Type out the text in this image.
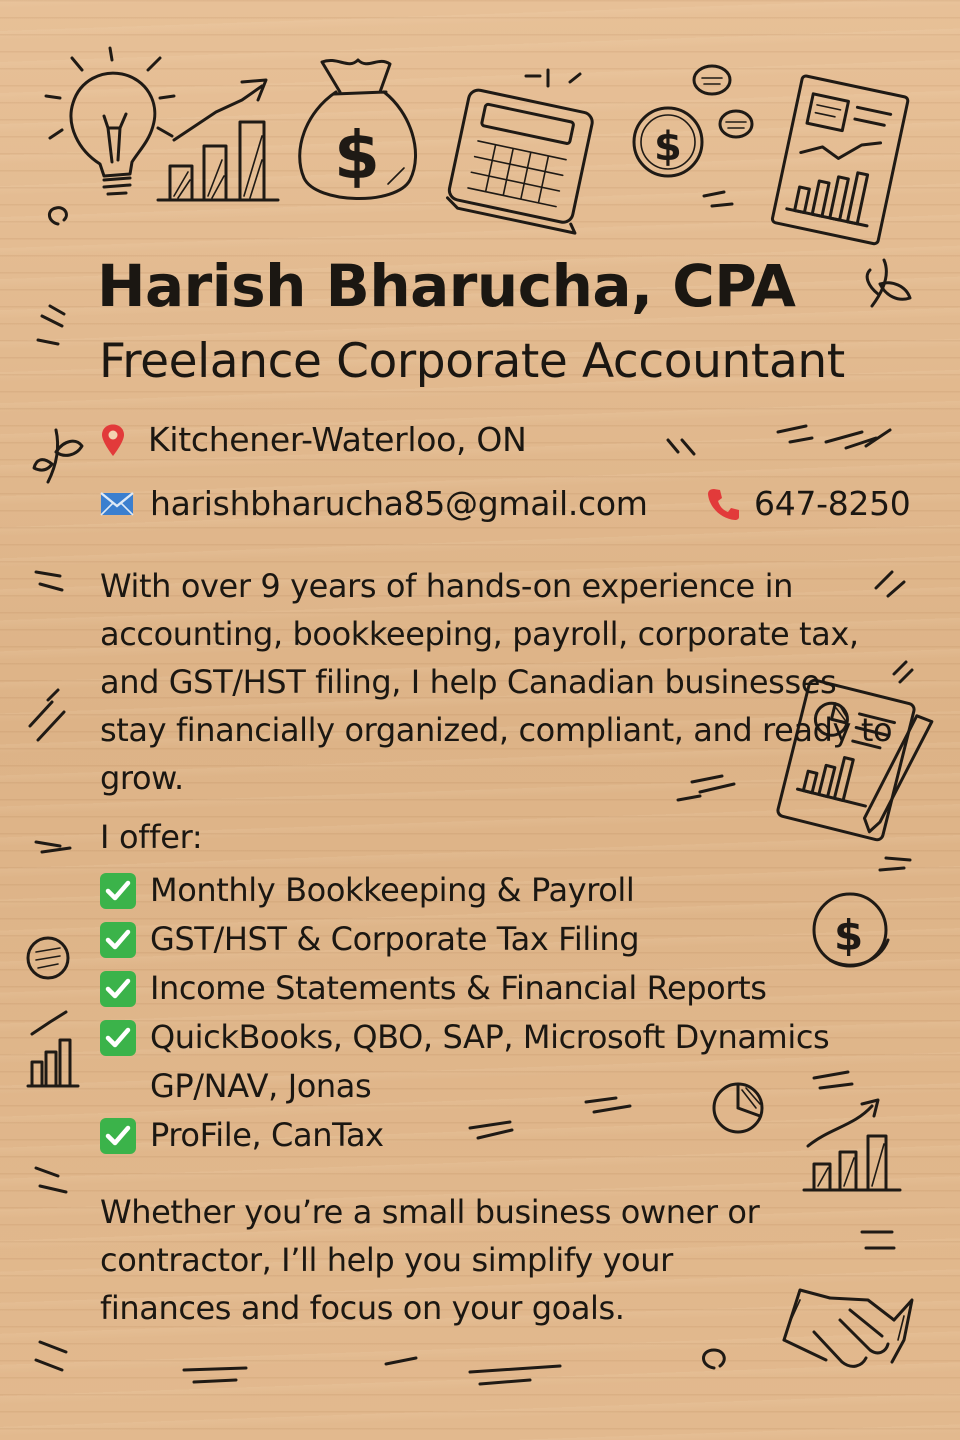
$	$
$
Harish Bharucha, CPA
Freelance Corporate Accountant
Kitchener-Waterloo, ON
harishbharucha85@gmail.com	647-8250

With over 9 years of hands-on experience in accounting, bookkeeping, payroll, corporate tax, and GST/HST filing, I help Canadian businesses stay financially organized, compliant, and ready to grow.

I offer:

Monthly Bookkeeping & Payroll
GST/HST & Corporate Tax Filing
Income Statements & Financial Reports
QuickBooks, QBO, SAP, Microsoft Dynamics GP/NAV, Jonas
ProFile, CanTax

Whether you’re a small business owner or contractor, I’ll help you simplify your finances and focus on your goals.
